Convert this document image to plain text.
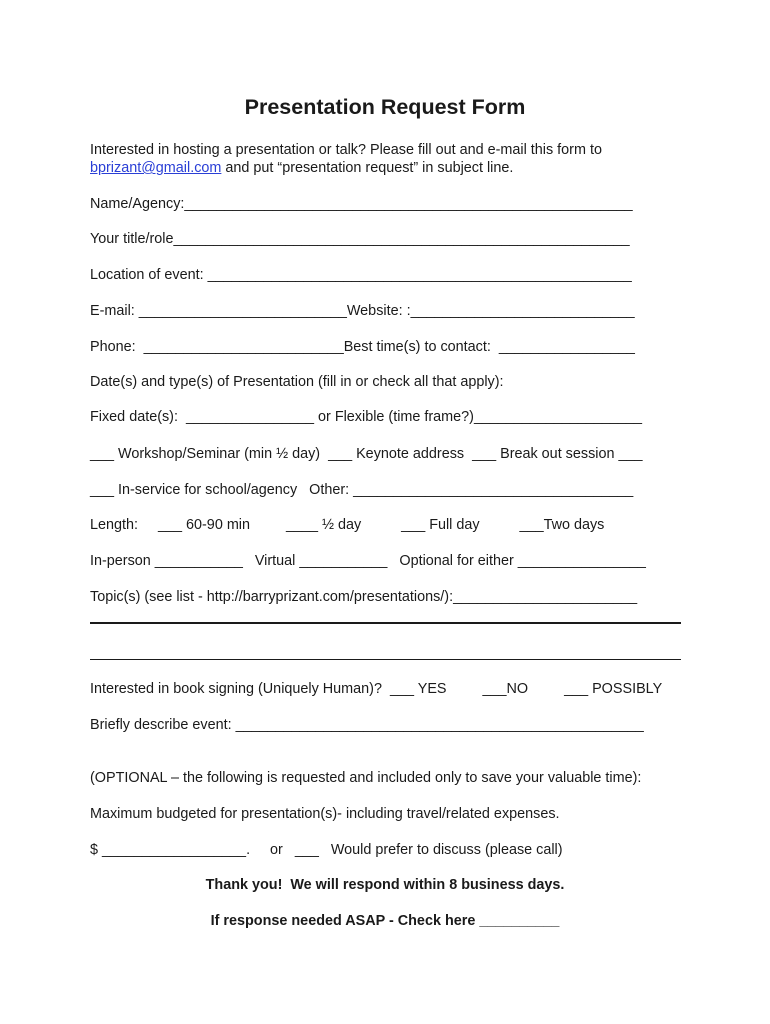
Presentation Request Form
Interested in hosting a presentation or talk? Please fill out and e-mail this form to
bprizant@gmail.com and put “presentation request” in subject line.
Name/Agency:________________________________________________________
Your title/role_________________________________________________________
Location of event: _____________________________________________________
E-mail: __________________________Website: :____________________________
Phone:  _________________________Best time(s) to contact:  _________________
Date(s) and type(s) of Presentation (fill in or check all that apply):
Fixed date(s):  ________________ or Flexible (time frame?)_____________________
___ Workshop/Seminar (min ½ day)  ___ Keynote address  ___ Break out session ___
___ In-service for school/agency   Other: ___________________________________
Length:     ___ 60-90 min         ____ ½ day          ___ Full day          ___Two days
In-person ___________   Virtual ___________   Optional for either ________________
Topic(s) (see list - http://barryprizant.com/presentations/):_______________________
Interested in book signing (Uniquely Human)?  ___ YES         ___NO         ___ POSSIBLY
Briefly describe event: ___________________________________________________
(OPTIONAL – the following is requested and included only to save your valuable time):
Maximum budgeted for presentation(s)- including travel/related expenses.
$ __________________.     or   ___   Would prefer to discuss (please call)
Thank you!  We will respond within 8 business days.
If response needed ASAP - Check here __________
